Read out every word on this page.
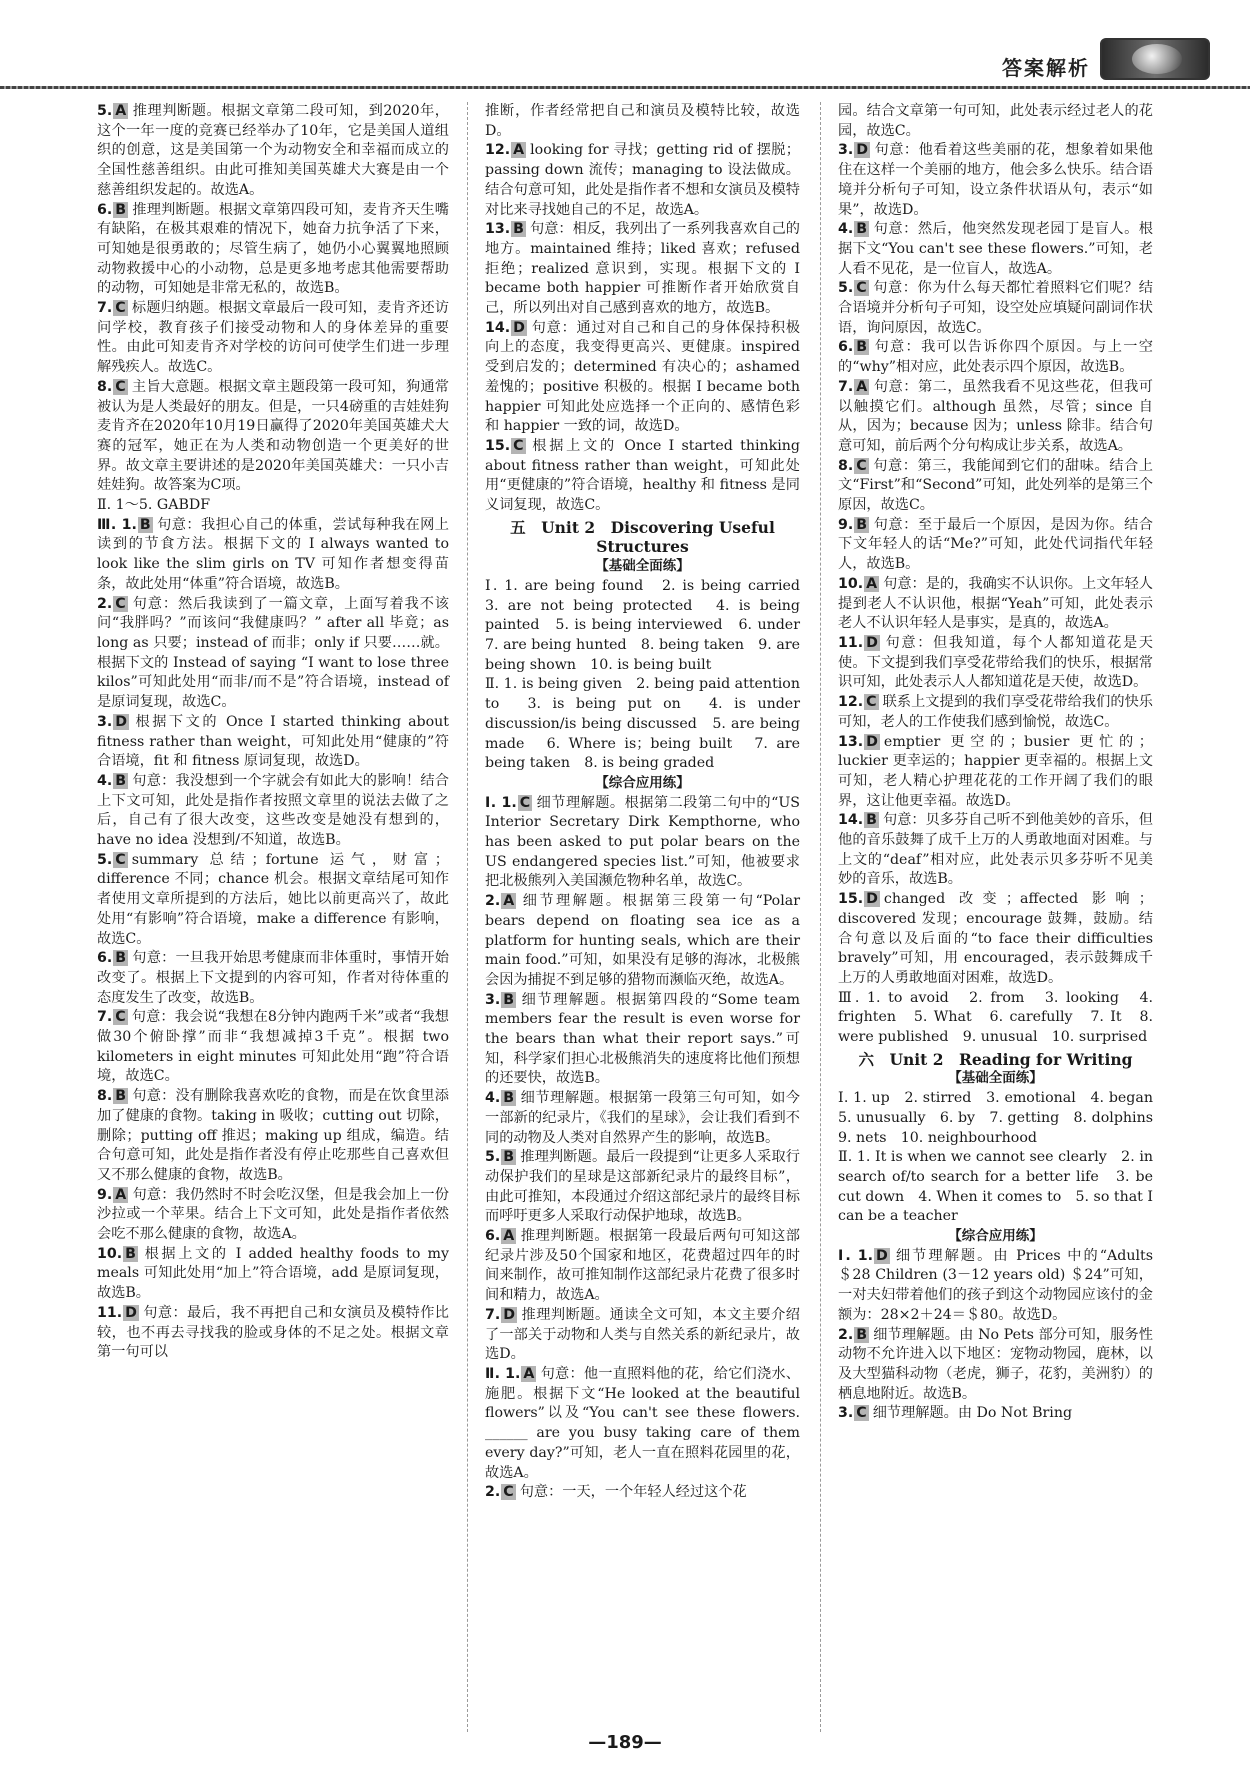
答案解析
5. A 推理判断题。根据文章第二段可知，到2020年，这个一年一度的竞赛已经举办了10年，它是美国人道组织的创意，这是美国第一个为动物安全和幸福而成立的全国性慈善组织。由此可推知美国英雄犬大赛是由一个慈善组织发起的。故选A。
6. B 推理判断题。根据文章第四段可知，麦肯齐天生嘴有缺陷，在极其艰难的情况下，她奋力抗争活了下来，可知她是很勇敢的；尽管生病了，她仍小心翼翼地照顾动物救援中心的小动物，总是更多地考虑其他需要帮助的动物，可知她是非常无私的，故选B。
7. C 标题归纳题。根据文章最后一段可知，麦肯齐还访问学校，教育孩子们接受动物和人的身体差异的重要性。由此可知麦肯齐对学校的访问可使学生们进一步理解残疾人。故选C。
8. C 主旨大意题。根据文章主题段第一段可知，狗通常被认为是人类最好的朋友。但是，一只4磅重的吉娃娃狗麦肯齐在2020年10月19日赢得了2020年美国英雄犬大赛的冠军，她正在为人类和动物创造一个更美好的世界。故文章主要讲述的是2020年美国英雄犬：一只小吉娃娃狗。故答案为C项。
Ⅱ. 1～5. GABDF
Ⅲ. 1. B 句意：我担心自己的体重，尝试每种我在网上读到的节食方法。根据下文的 I always wanted to look like the slim girls on TV 可知作者想变得苗条，故此处用“体重”符合语境，故选B。
2. C 句意：然后我读到了一篇文章，上面写着我不该问“我胖吗？”而该问“我健康吗？” after all 毕竟；as long as 只要；instead of 而非；only if 只要……就。根据下文的 Instead of saying “I want to lose three kilos”可知此处用“而非/而不是”符合语境，instead of 是原词复现，故选C。
3. D 根据下文的 Once I started thinking about fitness rather than weight，可知此处用“健康的”符合语境，fit 和 fitness 原词复现，故选D。
4. B 句意：我没想到一个字就会有如此大的影响！结合上下文可知，此处是指作者按照文章里的说法去做了之后，自己有了很大改变，这些改变是她没有想到的，have no idea 没想到/不知道，故选B。
5. C summary 总结；fortune 运气，财富；difference 不同；chance 机会。根据文章结尾可知作者使用文章所提到的方法后，她比以前更高兴了，故此处用“有影响”符合语境，make a difference 有影响，故选C。
6. B 句意：一旦我开始思考健康而非体重时，事情开始改变了。根据上下文提到的内容可知，作者对待体重的态度发生了改变，故选B。
7. C 句意：我会说“我想在8分钟内跑两千米”或者“我想做30个俯卧撑”而非“我想减掉3千克”。根据 two kilometers in eight minutes 可知此处用“跑”符合语境，故选C。
8. B 句意：没有删除我喜欢吃的食物，而是在饮食里添加了健康的食物。taking in 吸收；cutting out 切除，删除；putting off 推迟；making up 组成，编造。结合句意可知，此处是指作者没有停止吃那些自己喜欢但又不那么健康的食物，故选B。
9. A 句意：我仍然时不时会吃汉堡，但是我会加上一份沙拉或一个苹果。结合上下文可知，此处是指作者依然会吃不那么健康的食物，故选A。
10. B 根据上文的 I added healthy foods to my meals 可知此处用“加上”符合语境，add 是原词复现，故选B。
11. D 句意：最后，我不再把自己和女演员及模特作比较，也不再去寻找我的脸或身体的不足之处。根据文章第一句可以
推断，作者经常把自己和演员及模特比较，故选D。
12. A looking for 寻找；getting rid of 摆脱；passing down 流传；managing to 设法做成。结合句意可知，此处是指作者不想和女演员及模特对比来寻找她自己的不足，故选A。
13. B 句意：相反，我列出了一系列我喜欢自己的地方。maintained 维持；liked 喜欢；refused 拒绝；realized 意识到，实现。根据下文的 I became both happier 可推断作者开始欣赏自己，所以列出对自己感到喜欢的地方，故选B。
14. D 句意：通过对自己和自己的身体保持积极向上的态度，我变得更高兴、更健康。inspired 受到启发的；determined 有决心的；ashamed 羞愧的；positive 积极的。根据 I became both happier 可知此处应选择一个正向的、感情色彩和 happier 一致的词，故选D。
15. C 根据上文的 Once I started thinking about fitness rather than weight，可知此处用“更健康的”符合语境，healthy 和 fitness 是同义词复现，故选C。
五　Unit 2　Discovering Useful Structures
【基础全面练】
Ⅰ. 1. are being found　2. is being carried　3. are not being protected　4. is being painted　5. is being interviewed　6. under　7. are being hunted　8. being taken　9. are being shown　10. is being built
Ⅱ. 1. is being given　2. being paid attention to　3. is being put on　4. is under discussion/is being discussed　5. are being made　6. Where is；being built　7. are being taken　8. is being graded
【综合应用练】
Ⅰ. 1. C 细节理解题。根据第二段第二句中的“US Interior Secretary Dirk Kempthorne, who has been asked to put polar bears on the US endangered species list.”可知，他被要求把北极熊列入美国濒危物种名单，故选C。
2. A 细节理解题。根据第三段第一句“Polar bears depend on floating sea ice as a platform for hunting seals, which are their main food.”可知，如果没有足够的海冰，北极熊会因为捕捉不到足够的猎物而濒临灭绝，故选A。
3. B 细节理解题。根据第四段的“Some team members fear the result is even worse for the bears than what their report says.”可知，科学家们担心北极熊消失的速度将比他们预想的还要快，故选B。
4. B 细节理解题。根据第一段第三句可知，如今一部新的纪录片，《我们的星球》，会让我们看到不同的动物及人类对自然界产生的影响，故选B。
5. B 推理判断题。最后一段提到“让更多人采取行动保护我们的星球是这部新纪录片的最终目标”，由此可推知，本段通过介绍这部纪录片的最终目标而呼吁更多人采取行动保护地球，故选B。
6. A 推理判断题。根据第一段最后两句可知这部纪录片涉及50个国家和地区，花费超过四年的时间来制作，故可推知制作这部纪录片花费了很多时间和精力，故选A。
7. D 推理判断题。通读全文可知，本文主要介绍了一部关于动物和人类与自然关系的新纪录片，故选D。
Ⅱ. 1. A 句意：他一直照料他的花，给它们浇水、施肥。根据下文“He looked at the beautiful flowers”以及“You can't see these flowers. ______ are you busy taking care of them every day?”可知，老人一直在照料花园里的花，故选A。
2. C 句意：一天，一个年轻人经过这个花
园。结合文章第一句可知，此处表示经过老人的花园，故选C。
3. D 句意：他看着这些美丽的花，想象着如果他住在这样一个美丽的地方，他会多么快乐。结合语境并分析句子可知，设立条件状语从句，表示“如果”，故选D。
4. B 句意：然后，他突然发现老园丁是盲人。根据下文“You can't see these flowers.”可知，老人看不见花，是一位盲人，故选A。
5. C 句意：你为什么每天都忙着照料它们呢？结合语境并分析句子可知，设空处应填疑问副词作状语，询问原因，故选C。
6. B 句意：我可以告诉你四个原因。与上一空的“why”相对应，此处表示四个原因，故选B。
7. A 句意：第二，虽然我看不见这些花，但我可以触摸它们。although 虽然，尽管；since 自从，因为；because 因为；unless 除非。结合句意可知，前后两个分句构成让步关系，故选A。
8. C 句意：第三，我能闻到它们的甜味。结合上文“First”和“Second”可知，此处列举的是第三个原因，故选C。
9. B 句意：至于最后一个原因，是因为你。结合下文年轻人的话“Me?”可知，此处代词指代年轻人，故选B。
10. A 句意：是的，我确实不认识你。上文年轻人提到老人不认识他，根据“Yeah”可知，此处表示老人不认识年轻人是事实，是真的，故选A。
11. D 句意：但我知道，每个人都知道花是天使。下文提到我们享受花带给我们的快乐，根据常识可知，此处表示人人都知道花是天使，故选D。
12. C 联系上文提到的我们享受花带给我们的快乐可知，老人的工作使我们感到愉悦，故选C。
13. D emptier 更空的；busier 更忙的；luckier 更幸运的；happier 更幸福的。根据上文可知，老人精心护理花花的工作开阔了我们的眼界，这让他更幸福。故选D。
14. B 句意：贝多芬自己听不到他美妙的音乐，但他的音乐鼓舞了成千上万的人勇敢地面对困难。与上文的“deaf”相对应，此处表示贝多芬听不见美妙的音乐，故选B。
15. D changed 改变；affected 影响；discovered 发现；encourage 鼓舞，鼓励。结合句意以及后面的“to face their difficulties bravely”可知，用 encouraged，表示鼓舞成千上万的人勇敢地面对困难，故选D。
Ⅲ. 1. to avoid　2. from　3. looking　4. frighten　5. What　6. carefully　7. It　8. were published　9. unusual　10. surprised
六　Unit 2　Reading for Writing
【基础全面练】
Ⅰ. 1. up　2. stirred　3. emotional　4. began　5. unusually　6. by　7. getting　8. dolphins　9. nets　10. neighbourhood
Ⅱ. 1. It is when we cannot see clearly　2. in search of/to search for a better life　3. be cut down　4. When it comes to　5. so that I can be a teacher
【综合应用练】
Ⅰ. 1. D 细节理解题。由 Prices 中的“Adults ＄28 Children (3－12 years old) ＄24”可知，一对夫妇带着他们的孩子到这个动物园应该付的金额为：28×2＋24＝＄80。故选D。
2. B 细节理解题。由 No Pets 部分可知，服务性动物不允许进入以下地区：宠物动物园，鹿林，以及大型猫科动物（老虎，狮子，花豹，美洲豹）的栖息地附近。故选B。
3. C 细节理解题。由 Do Not Bring
—189—
